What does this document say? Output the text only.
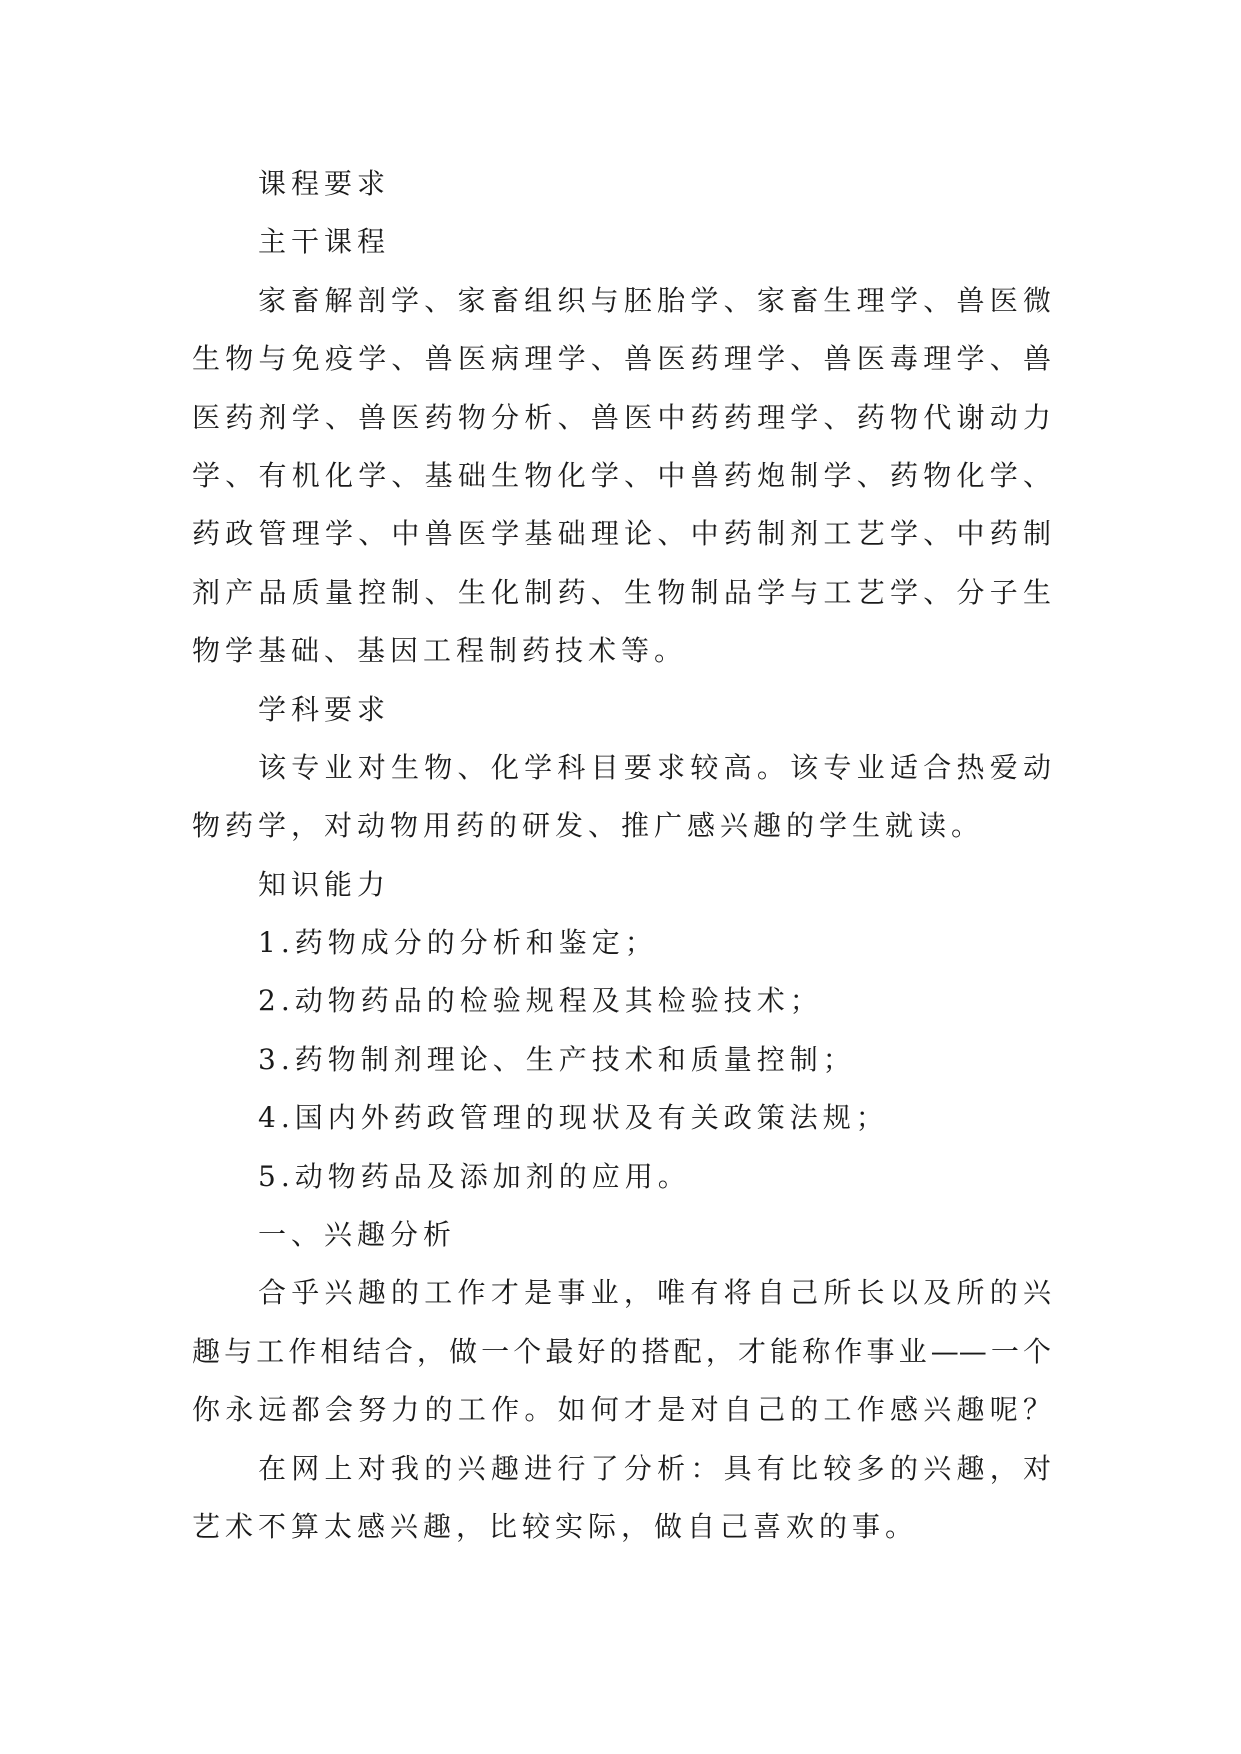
课程要求
主干课程
家畜解剖学、家畜组织与胚胎学、家畜生理学、兽医微
生物与免疫学、兽医病理学、兽医药理学、兽医毒理学、兽
医药剂学、兽医药物分析、兽医中药药理学、药物代谢动力
学、有机化学、基础生物化学、中兽药炮制学、药物化学、
药政管理学、中兽医学基础理论、中药制剂工艺学、中药制
剂产品质量控制、生化制药、生物制品学与工艺学、分子生
物学基础、基因工程制药技术等。
学科要求
该专业对生物、化学科目要求较高。该专业适合热爱动
物药学，对动物用药的研发、推广感兴趣的学生就读。
知识能力
1.药物成分的分析和鉴定；
2.动物药品的检验规程及其检验技术；
3.药物制剂理论、生产技术和质量控制；
4.国内外药政管理的现状及有关政策法规；
5.动物药品及添加剂的应用。
一、兴趣分析
合乎兴趣的工作才是事业，唯有将自己所长以及所的兴
趣与工作相结合，做一个最好的搭配，才能称作事业——一个
你永远都会努力的工作。如何才是对自己的工作感兴趣呢？
在网上对我的兴趣进行了分析：具有比较多的兴趣，对
艺术不算太感兴趣，比较实际，做自己喜欢的事。
